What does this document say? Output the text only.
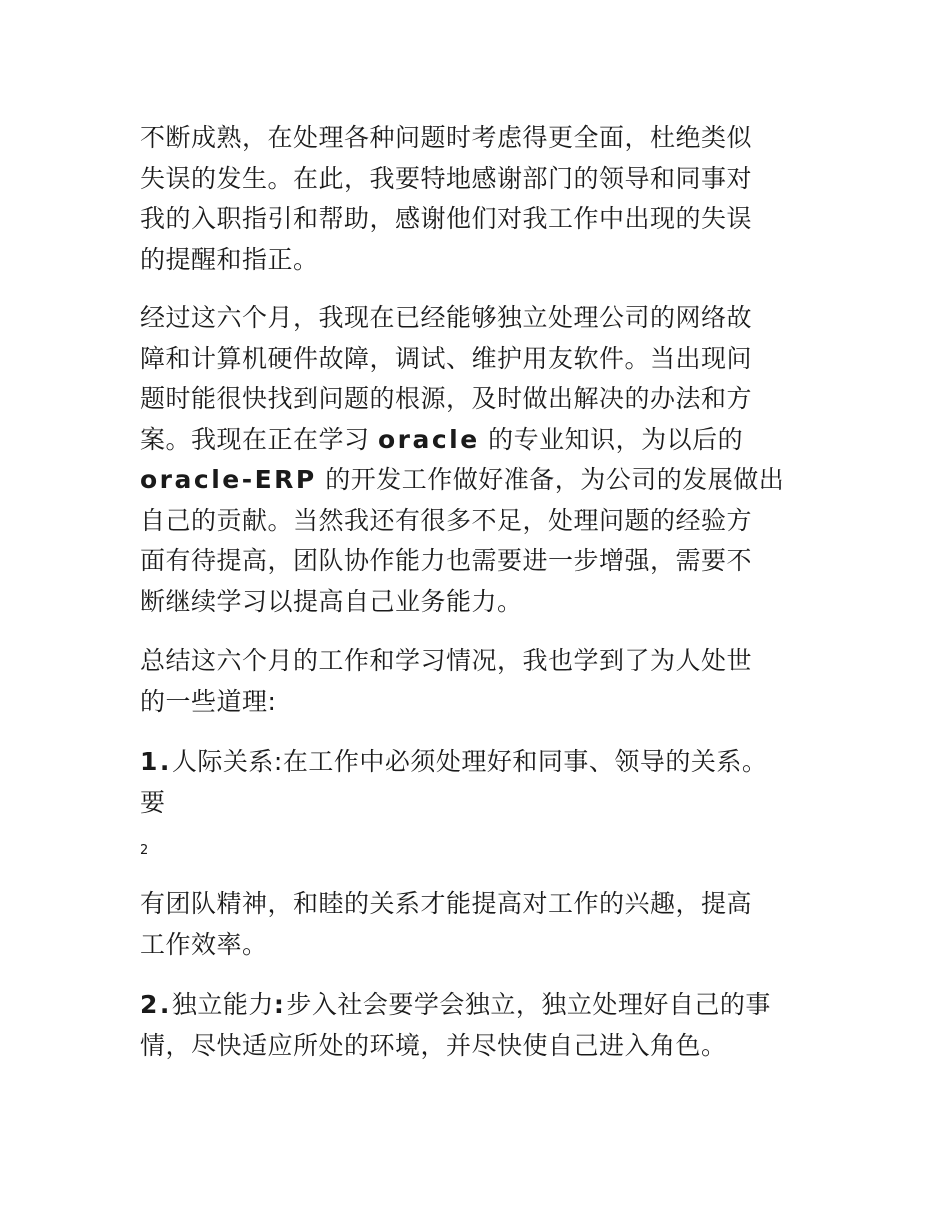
不断成熟，在处理各种问题时考虑得更全面，杜绝类似
失误的发生。在此，我要特地感谢部门的领导和同事对
我的入职指引和帮助，感谢他们对我工作中出现的失误
的提醒和指正。

经过这六个月，我现在已经能够独立处理公司的网络故
障和计算机硬件故障，调试、维护用友软件。当出现问
题时能很快找到问题的根源，及时做出解决的办法和方
案。我现在正在学习 oracle 的专业知识，为以后的
oracle-ERP 的开发工作做好准备，为公司的发展做出
自己的贡献。当然我还有很多不足，处理问题的经验方
面有待提高，团队协作能力也需要进一步增强，需要不
断继续学习以提高自己业务能力。

总结这六个月的工作和学习情况，我也学到了为人处世
的一些道理:

1.人际关系:在工作中必须处理好和同事、领导的关系。
要

2

有团队精神，和睦的关系才能提高对工作的兴趣，提高
工作效率。

2.独立能力:步入社会要学会独立，独立处理好自己的事
情，尽快适应所处的环境，并尽快使自己进入角色。
